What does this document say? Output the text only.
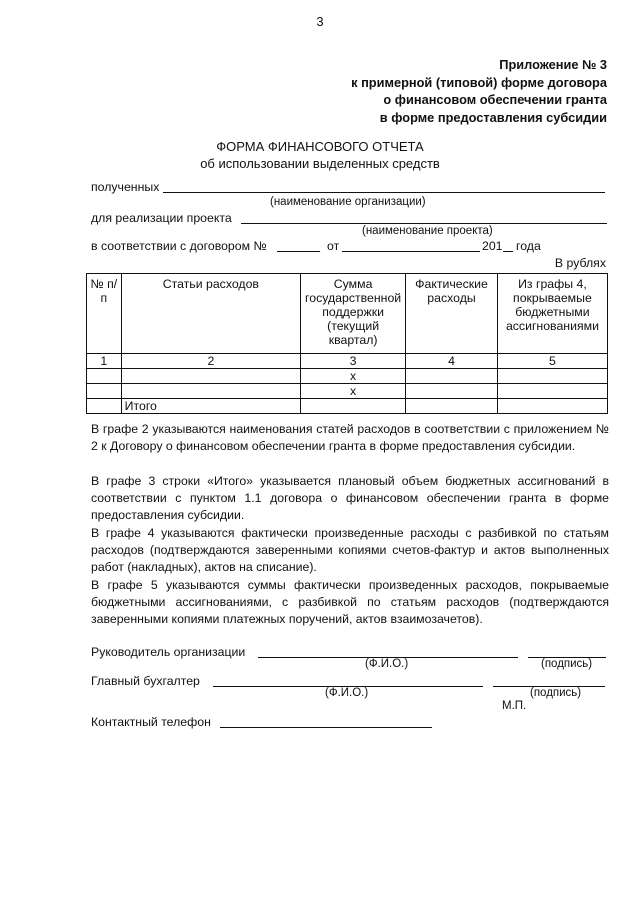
3
Приложение № 3
к примерной (типовой) форме договора
о финансовом обеспечении гранта
в форме предоставления субсидии
ФОРМА ФИНАНСОВОГО ОТЧЕТА
об использовании выделенных средств
полученных
(наименование организации)
для реализации проекта
(наименование проекта)
в соответствии с договором №	от	201 года
В рублях
№ п/п	Статьи расходов	Сумма государственной поддержки (текущий квартал)	Фактические расходы	Из графы 4, покрываемые бюджетными ассигнованиями
1	2	3	4	5
		x		
		x		
	Итого			
В графе 2 указываются наименования статей расходов в соответствии с приложением № 2 к Договору о финансовом обеспечении гранта в форме предоставления субсидии.
В графе 3 строки «Итого» указывается плановый объем бюджетных ассигнований в соответствии с пунктом 1.1 договора о финансовом обеспечении гранта в форме предоставления субсидии.
В графе 4 указываются фактически произведенные расходы с разбивкой по статьям расходов (подтверждаются заверенными копиями счетов-фактур и актов выполненных работ (накладных), актов на списание).
В графе 5 указываются суммы фактически произведенных расходов, покрываемые бюджетными ассигнованиями, с разбивкой по статьям расходов (подтверждаются заверенными копиями платежных поручений, актов взаимозачетов).
Руководитель организации
(Ф.И.О.)	(подпись)
Главный бухгалтер
(Ф.И.О.)	(подпись)
М.П.
Контактный телефон
